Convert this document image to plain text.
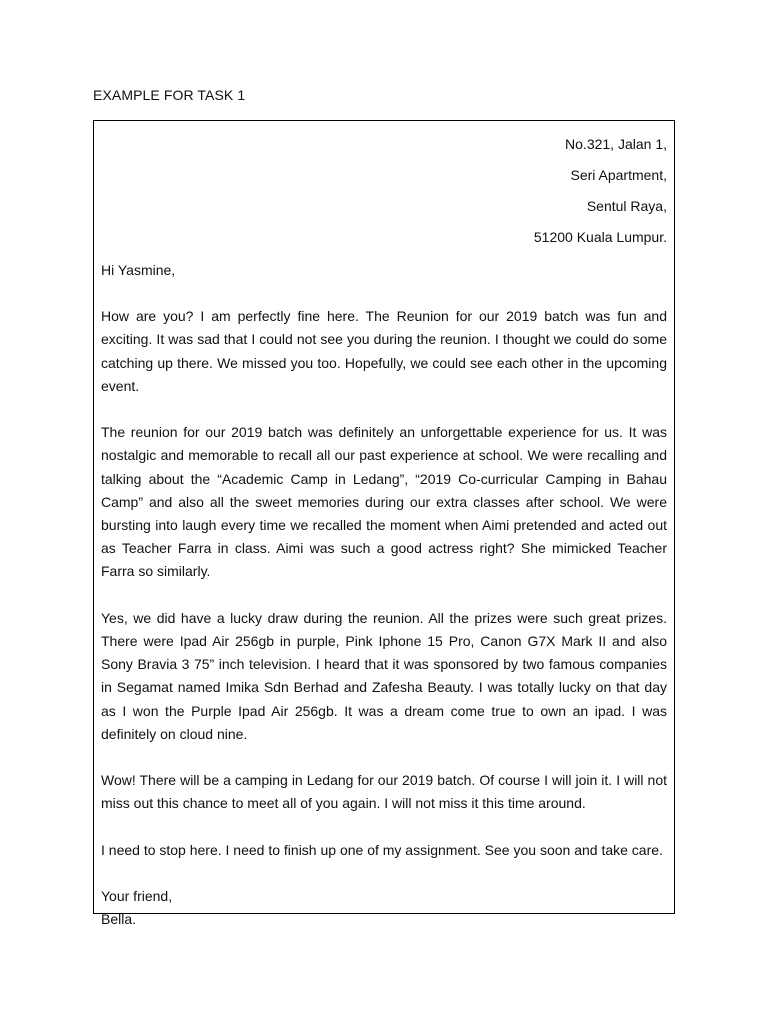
EXAMPLE FOR TASK 1
No.321, Jalan 1,
Seri Apartment,
Sentul Raya,
51200 Kuala Lumpur.
Hi Yasmine,

How are you? I am perfectly fine here. The Reunion for our 2019 batch was fun and exciting. It was sad that I could not see you during the reunion. I thought we could do some catching up there. We missed you too. Hopefully, we could see each other in the upcoming event.

The reunion for our 2019 batch was definitely an unforgettable experience for us. It was nostalgic and memorable to recall all our past experience at school. We were recalling and talking about the “Academic Camp in Ledang”, “2019 Co-curricular Camping in Bahau Camp” and also all the sweet memories during our extra classes after school. We were bursting into laugh every time we recalled the moment when Aimi pretended and acted out as Teacher Farra in class. Aimi was such a good actress right? She mimicked Teacher Farra so similarly.

Yes, we did have a lucky draw during the reunion. All the prizes were such great prizes. There were Ipad Air 256gb in purple, Pink Iphone 15 Pro, Canon G7X Mark II and also Sony Bravia 3 75” inch television. I heard that it was sponsored by two famous companies in Segamat named Imika Sdn Berhad and Zafesha Beauty. I was totally lucky on that day as I won the Purple Ipad Air 256gb. It was a dream come true to own an ipad. I was definitely on cloud nine.

Wow! There will be a camping in Ledang for our 2019 batch. Of course I will join it. I will not miss out this chance to meet all of you again. I will not miss it this time around.

I need to stop here. I need to finish up one of my assignment. See you soon and take care.

Your friend,
Bella.
